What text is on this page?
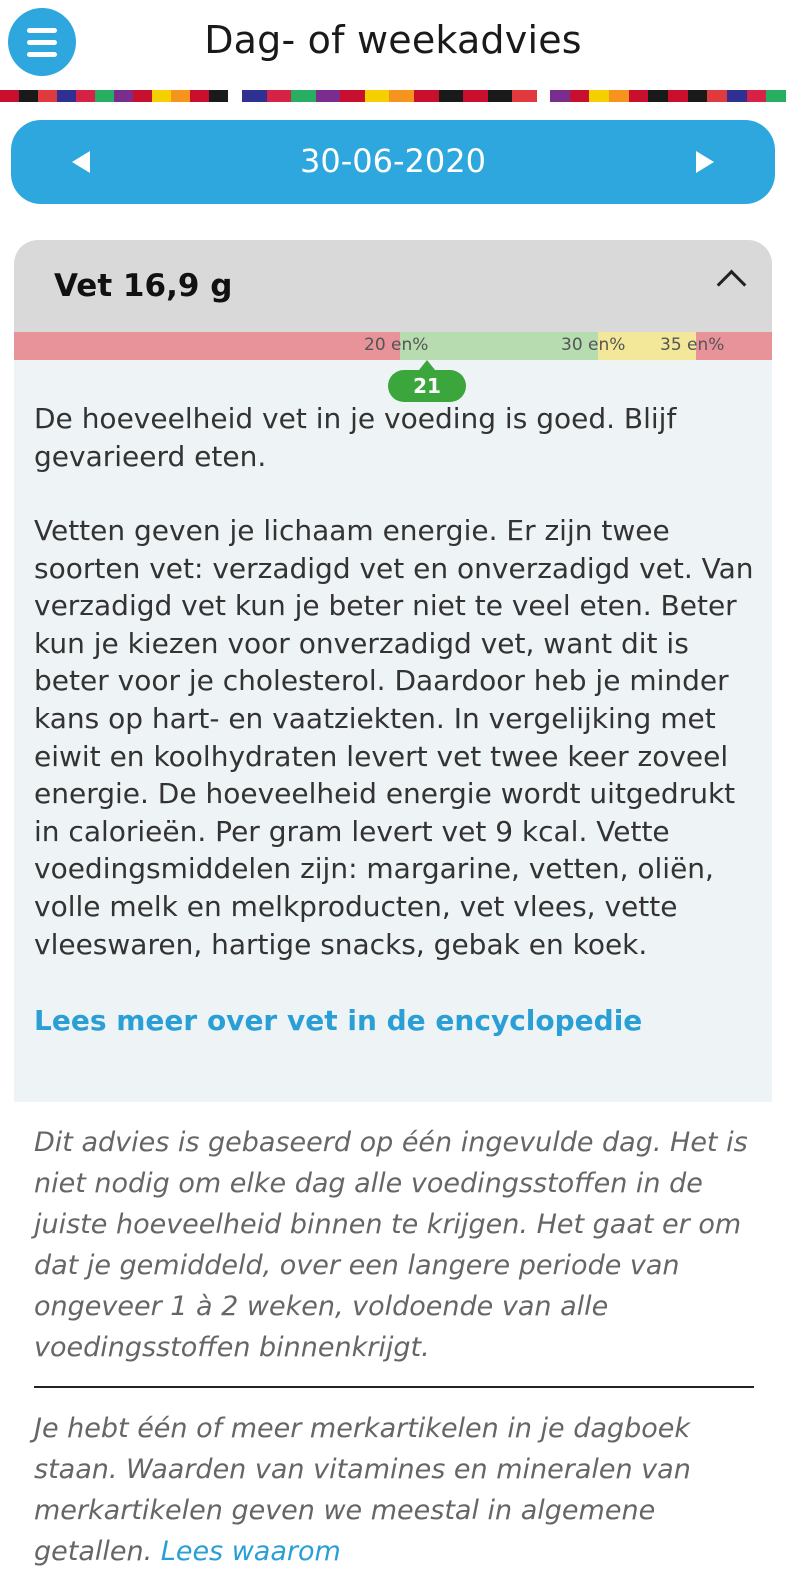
Dag- of weekadvies
30-06-2020
Vet 16,9 g
20 en%	30 en% 35 en%
21

De hoeveelheid vet in je voeding is goed. Blijf gevarieerd eten.

Vetten geven je lichaam energie. Er zijn twee soorten vet: verzadigd vet en onverzadigd vet. Van verzadigd vet kun je beter niet te veel eten. Beter kun je kiezen voor onverzadigd vet, want dit is beter voor je cholesterol. Daardoor heb je minder kans op hart- en vaatziekten. In vergelijking met eiwit en koolhydraten levert vet twee keer zoveel energie. De hoeveelheid energie wordt uitgedrukt in calorieën. Per gram levert vet 9 kcal. Vette voedingsmiddelen zijn: margarine, vetten, oliën, volle melk en melkproducten, vet vlees, vette vleeswaren, hartige snacks, gebak en koek.

Lees meer over vet in de encyclopedie

Dit advies is gebaseerd op één ingevulde dag. Het is niet nodig om elke dag alle voedingsstoffen in de juiste hoeveelheid binnen te krijgen. Het gaat er om dat je gemiddeld, over een langere periode van ongeveer 1 à 2 weken, voldoende van alle voedingsstoffen binnenkrijgt.

Je hebt één of meer merkartikelen in je dagboek staan. Waarden van vitamines en mineralen van merkartikelen geven we meestal in algemene getallen. Lees waarom
